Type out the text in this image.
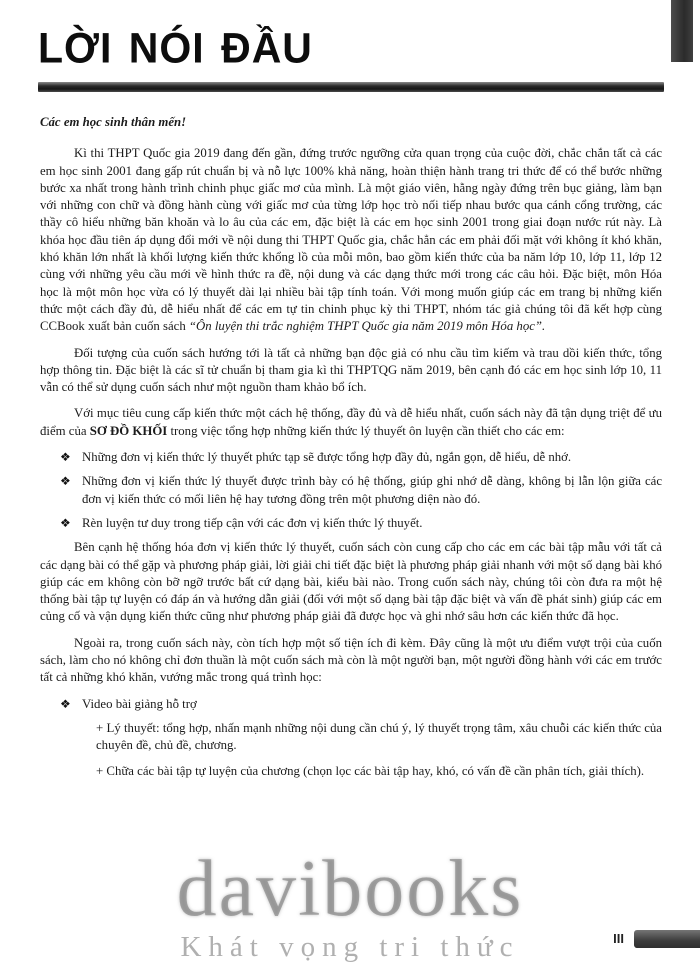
LỜI NÓI ĐẦU

Các em học sinh thân mến!

Kì thi THPT Quốc gia 2019 đang đến gần, đứng trước ngưỡng cửa quan trọng của cuộc đời, chắc chắn tất cả các em học sinh 2001 đang gấp rút chuẩn bị và nỗ lực 100% khả năng, hoàn thiện hành trang tri thức để có thể bước những bước xa nhất trong hành trình chinh phục giấc mơ của mình. Là một giáo viên, hằng ngày đứng trên bục giảng, làm bạn với những con chữ và đồng hành cùng với giấc mơ của từng lớp học trò nối tiếp nhau bước qua cánh cổng trường, các thầy cô hiểu những băn khoăn và lo âu của các em, đặc biệt là các em học sinh 2001 trong giai đoạn nước rút này. Là khóa học đầu tiên áp dụng đổi mới về nội dung thi THPT Quốc gia, chắc hẳn các em phải đối mặt với không ít khó khăn, khó khăn lớn nhất là khối lượng kiến thức khổng lồ của mỗi môn, bao gồm kiến thức của ba năm lớp 10, lớp 11, lớp 12 cùng với những yêu cầu mới về hình thức ra đề, nội dung và các dạng thức mới trong các câu hỏi. Đặc biệt, môn Hóa học là một môn học vừa có lý thuyết dài lại nhiều bài tập tính toán. Với mong muốn giúp các em trang bị những kiến thức một cách đầy đủ, dễ hiểu nhất để các em tự tin chinh phục kỳ thi THPT, nhóm tác giả chúng tôi đã kết hợp cùng CCBook xuất bản cuốn sách “Ôn luyện thi trắc nghiệm THPT Quốc gia năm 2019 môn Hóa học”.

Đối tượng của cuốn sách hướng tới là tất cả những bạn độc giả có nhu cầu tìm kiếm và trau dồi kiến thức, tổng hợp thông tin. Đặc biệt là các sĩ tử chuẩn bị tham gia kì thi THPTQG năm 2019, bên cạnh đó các em học sinh lớp 10, 11 vẫn có thể sử dụng cuốn sách như một nguồn tham khảo bổ ích.

Với mục tiêu cung cấp kiến thức một cách hệ thống, đầy đủ và dễ hiểu nhất, cuốn sách này đã tận dụng triệt để ưu điểm của SƠ ĐỒ KHỐI trong việc tổng hợp những kiến thức lý thuyết ôn luyện cần thiết cho các em:

❖ Những đơn vị kiến thức lý thuyết phức tạp sẽ được tổng hợp đầy đủ, ngắn gọn, dễ hiểu, dễ nhớ.
❖ Những đơn vị kiến thức lý thuyết được trình bày có hệ thống, giúp ghi nhớ dễ dàng, không bị lẫn lộn giữa các đơn vị kiến thức có mối liên hệ hay tương đồng trên một phương diện nào đó.
❖ Rèn luyện tư duy trong tiếp cận với các đơn vị kiến thức lý thuyết.

Bên cạnh hệ thống hóa đơn vị kiến thức lý thuyết, cuốn sách còn cung cấp cho các em các bài tập mẫu với tất cả các dạng bài có thể gặp và phương pháp giải, lời giải chi tiết đặc biệt là phương pháp giải nhanh với một số dạng bài khó giúp các em không còn bỡ ngỡ trước bất cứ dạng bài, kiểu bài nào. Trong cuốn sách này, chúng tôi còn đưa ra một hệ thống bài tập tự luyện có đáp án và hướng dẫn giải (đối với một số dạng bài tập đặc biệt và vấn đề phát sinh) giúp các em củng cố và vận dụng kiến thức cũng như phương pháp giải đã được học và ghi nhớ sâu hơn các kiến thức đã học.

Ngoài ra, trong cuốn sách này, còn tích hợp một số tiện ích đi kèm. Đây cũng là một ưu điểm vượt trội của cuốn sách, làm cho nó không chỉ đơn thuần là một cuốn sách mà còn là một người bạn, một người đồng hành với các em trước tất cả những khó khăn, vướng mắc trong quá trình học:

❖ Video bài giảng hỗ trợ
+ Lý thuyết: tổng hợp, nhấn mạnh những nội dung cần chú ý, lý thuyết trọng tâm, xâu chuỗi các kiến thức của chuyên đề, chủ đề, chương.
+ Chữa các bài tập tự luyện của chương (chọn lọc các bài tập hay, khó, có vấn đề cần phân tích, giải thích).
davibooks
Khát vọng tri thức	III
